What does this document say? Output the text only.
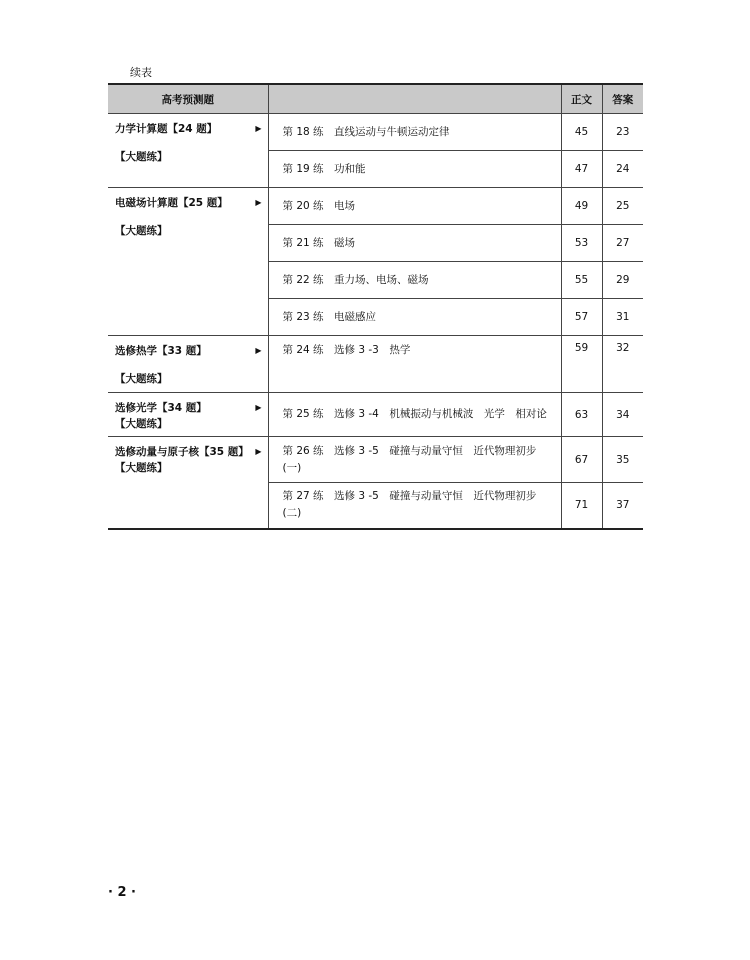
续表
高考预测题		正文	答案

力学计算题【24 题】 ▶
【大题练】	第 18 练　直线运动与牛顿运动定律	45	23
	第 19 练　功和能	47	24

电磁场计算题【25 题】 ▶
【大题练】	第 20 练　电场	49	25
	第 21 练　磁场	53	27
	第 22 练　重力场、电场、磁场	55	29
	第 23 练　电磁感应	57	31

选修热学【33 题】 ▶
【大题练】	第 24 练　选修 3 -3　热学	59	32

选修光学【34 题】 ▶
【大题练】	第 25 练　选修 3 -4　机械振动与机械波　光学　相对论	63	34

选修动量与原子核【35 题】 ▶
【大题练】	第 26 练　选修 3 -5　碰撞与动量守恒　近代物理初步(一)	67	35
	第 27 练　选修 3 -5　碰撞与动量守恒　近代物理初步(二)	71	37
· 2 ·
